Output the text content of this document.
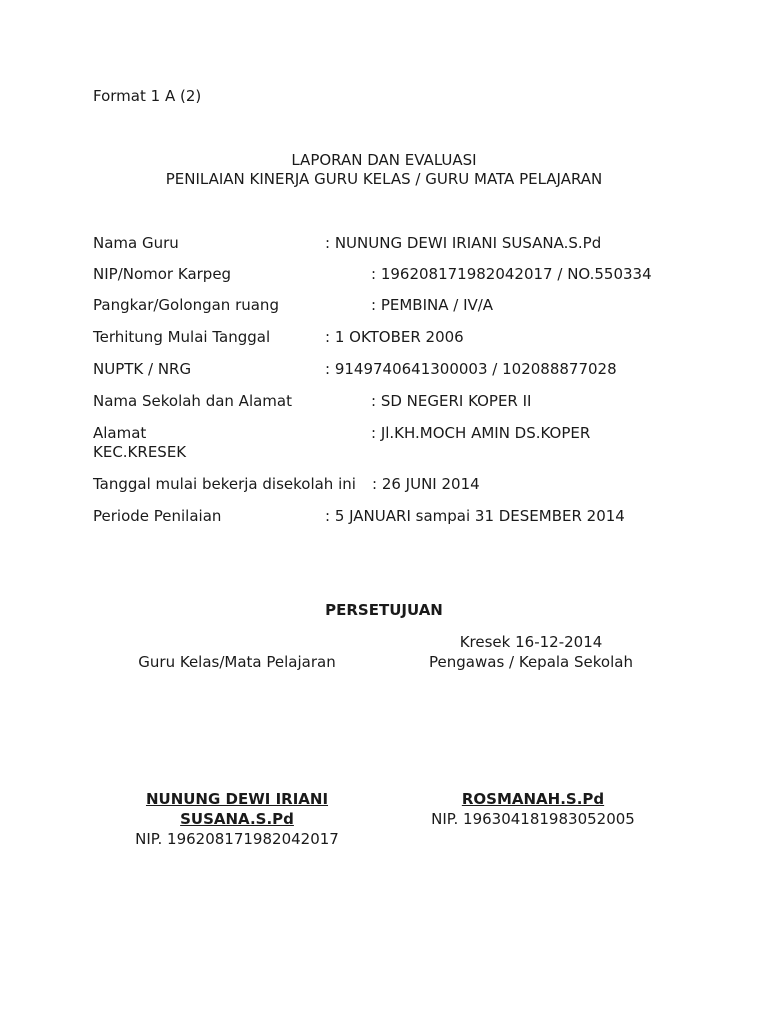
Format 1 A (2)
LAPORAN DAN EVALUASI
PENILAIAN KINERJA GURU KELAS / GURU MATA PELAJARAN
Nama Guru	: NUNUNG DEWI IRIANI SUSANA.S.Pd
NIP/Nomor Karpeg	: 196208171982042017 / NO.550334
Pangkar/Golongan ruang	: PEMBINA / IV/A
Terhitung Mulai Tanggal	: 1 OKTOBER 2006
NUPTK / NRG	: 9149740641300003 / 102088877028
Nama Sekolah dan Alamat	: SD NEGERI KOPER II
Alamat	: Jl.KH.MOCH AMIN DS.KOPER
KEC.KRESEK
Tanggal mulai bekerja disekolah ini : 26 JUNI 2014
Periode Penilaian	: 5 JANUARI sampai 31 DESEMBER 2014
PERSETUJUAN
Kresek 16-12-2014
Guru Kelas/Mata Pelajaran	Pengawas / Kepala Sekolah
NUNUNG DEWI IRIANI
SUSANA.S.Pd
NIP. 196208171982042017
ROSMANAH.S.Pd
NIP. 196304181983052005
